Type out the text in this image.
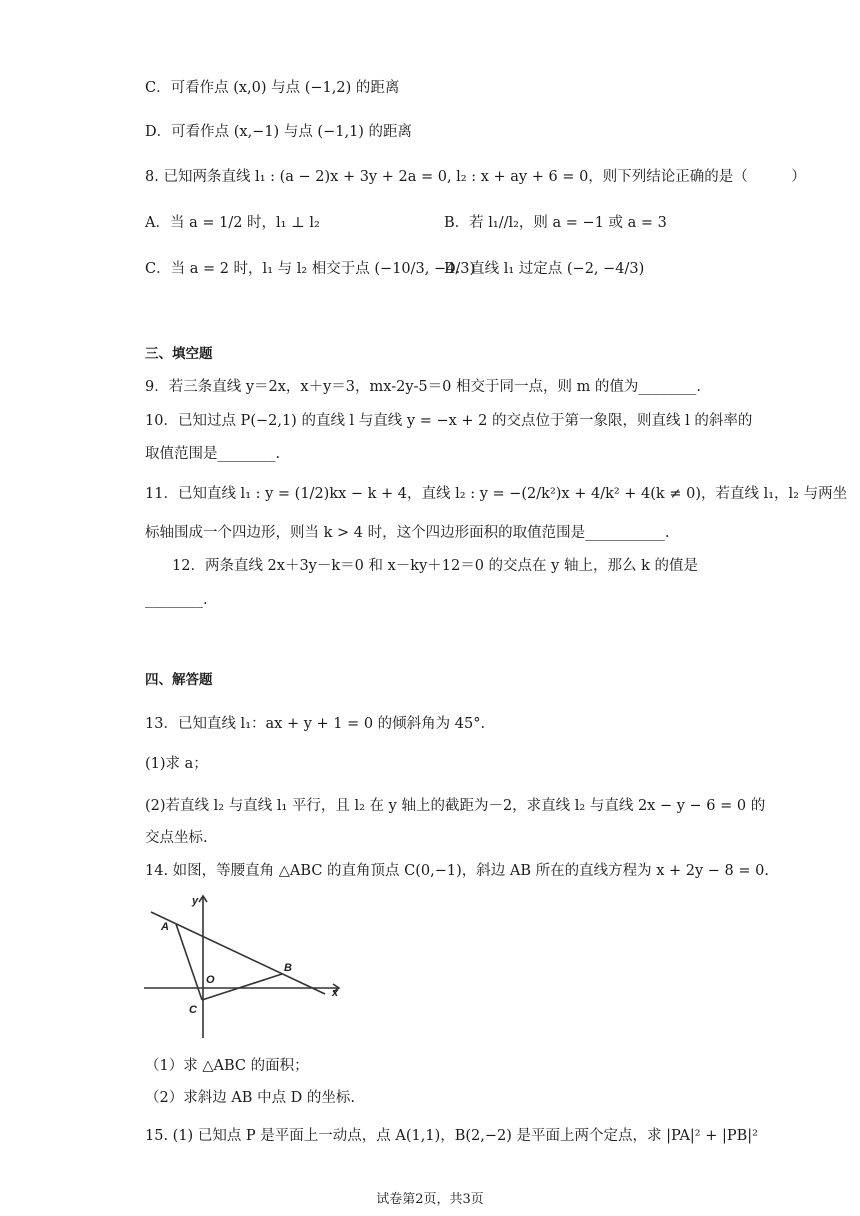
C．可看作点 (x,0) 与点 (−1,2) 的距离
D．可看作点 (x,−1) 与点 (−1,1) 的距离
8. 已知两条直线 l₁ : (a − 2)x + 3y + 2a = 0, l₂ : x + ay + 6 = 0，则下列结论正确的是（　　　）
A．当 a = 1/2 时，l₁ ⊥ l₂	B．若 l₁//l₂，则 a = −1 或 a = 3
C．当 a = 2 时，l₁ 与 l₂ 相交于点 (−10/3, −4/3)
D．直线 l₁ 过定点 (−2, −4/3)
三、填空题
9．若三条直线 y＝2x，x＋y＝3，mx-2y-5＝0 相交于同一点，则 m 的值为________.
10．已知过点 P(−2,1) 的直线 l 与直线 y = −x + 2 的交点位于第一象限，则直线 l 的斜率的
取值范围是________.
11．已知直线 l₁ : y = (1/2)kx − k + 4，直线 l₂ : y = −(2/k²)x + 4/k² + 4(k ≠ 0)，若直线 l₁，l₂ 与两坐
标轴围成一个四边形，则当 k > 4 时，这个四边形面积的取值范围是___________.
12．两条直线 2x＋3y－k＝0 和 x－ky＋12＝0 的交点在 y 轴上，那么 k 的值是
________.
四、解答题
13．已知直线 l₁：ax + y + 1 = 0 的倾斜角为 45°.
(1)求 a；
(2)若直线 l₂ 与直线 l₁ 平行，且 l₂ 在 y 轴上的截距为－2，求直线 l₂ 与直线 2x − y − 6 = 0 的
交点坐标.
14. 如图，等腰直角 △ABC 的直角顶点 C(0,−1)，斜边 AB 所在的直线方程为 x + 2y − 8 = 0.
y
x
A
B
C
O
（1）求 △ABC 的面积；
（2）求斜边 AB 中点 D 的坐标.
15. (1) 已知点 P 是平面上一动点，点 A(1,1)，B(2,−2) 是平面上两个定点，求 |PA|² + |PB|²
试卷第2页，共3页
